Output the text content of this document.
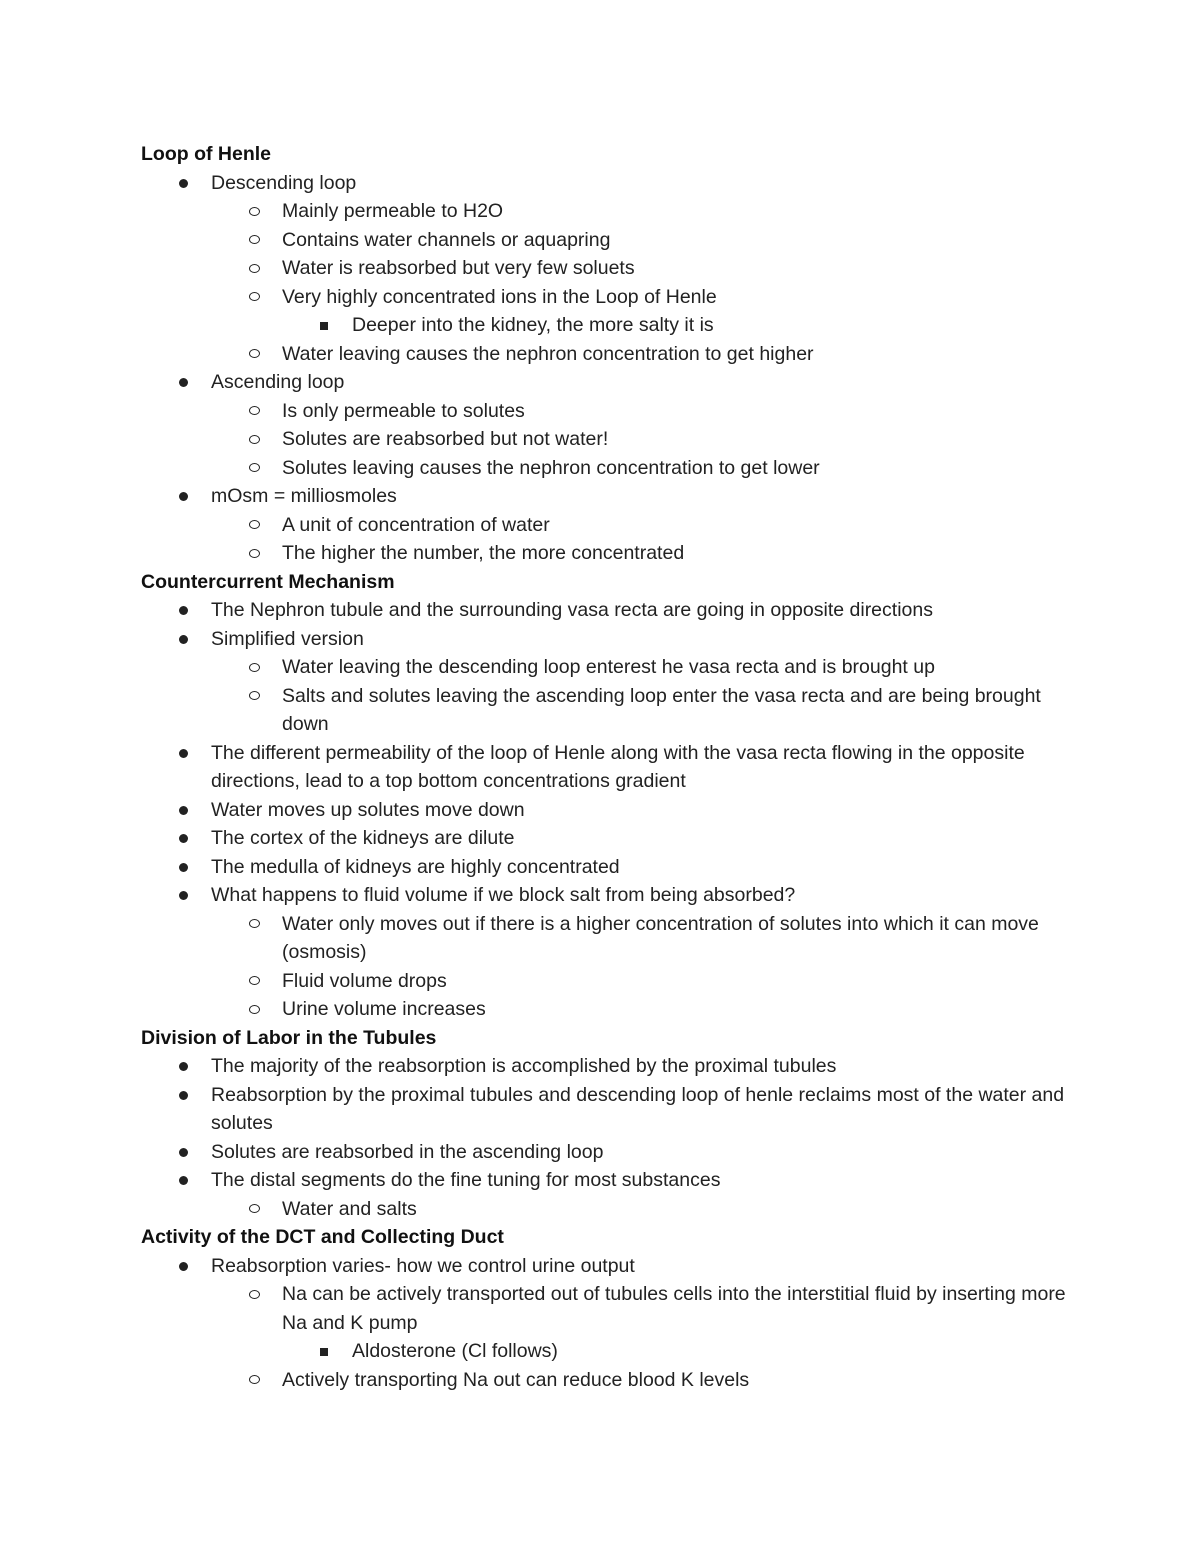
Loop of Henle
Descending loop
Mainly permeable to H2O
Contains water channels or aquapring
Water is reabsorbed but very few soluets
Very highly concentrated ions in the Loop of Henle
Deeper into the kidney, the more salty it is
Water leaving causes the nephron concentration to get higher
Ascending loop
Is only permeable to solutes
Solutes are reabsorbed but not water!
Solutes leaving causes the nephron concentration to get lower
mOsm = milliosmoles
A unit of concentration of water
The higher the number, the more concentrated
Countercurrent Mechanism
The Nephron tubule and the surrounding vasa recta are going in opposite directions
Simplified version
Water leaving the descending loop enterest he vasa recta and is brought up
Salts and solutes leaving the ascending loop enter the vasa recta and are being brought down
The different permeability of the loop of Henle along with the vasa recta flowing in the opposite directions, lead to a top bottom concentrations gradient
Water moves up solutes move down
The cortex of the kidneys are dilute
The medulla of kidneys are highly concentrated
What happens to fluid volume if we block salt from being absorbed?
Water only moves out if there is a higher concentration of solutes into which it can move (osmosis)
Fluid volume drops
Urine volume increases
Division of Labor in the Tubules
The majority of the reabsorption is accomplished by the proximal tubules
Reabsorption by the proximal tubules and descending loop of henle reclaims most of the water and solutes
Solutes are reabsorbed in the ascending loop
The distal segments do the fine tuning for most substances
Water and salts
Activity of the DCT and Collecting Duct
Reabsorption varies- how we control urine output
Na can be actively transported out of tubules cells into the interstitial fluid by inserting more Na and K pump
Aldosterone (Cl follows)
Actively transporting Na out can reduce blood K levels
